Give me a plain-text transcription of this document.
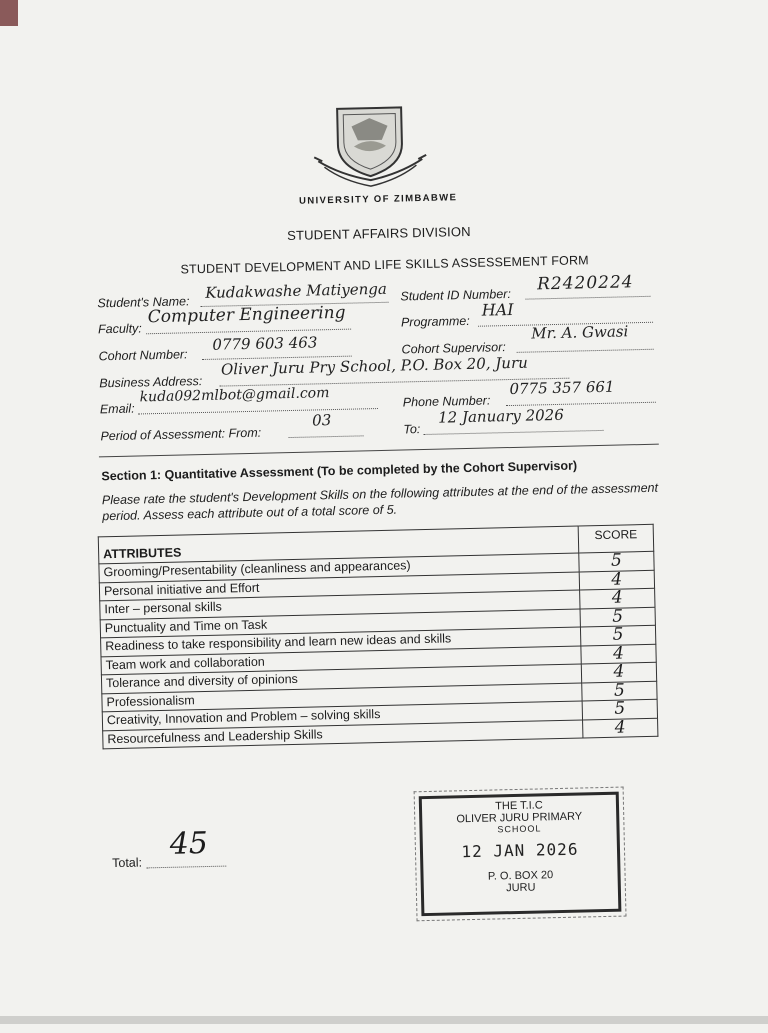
UNIVERSITY OF ZIMBABWE
STUDENT AFFAIRS DIVISION
STUDENT DEVELOPMENT AND LIFE SKILLS ASSESSEMENT FORM
Student's Name:
Kudakwashe Matiyenga
Faculty:
Computer Engineering
Cohort Number:
0779 603 463
Business Address:
Oliver Juru Pry School, P.O. Box 20, Juru
Email:
kuda092mlbot@gmail.com
Period of Assessment: From:
03
Student ID Number:
R2420224
Programme:
HAI
Cohort Supervisor:
Mr. A. Gwasi
Phone Number:
0775 357 661
To:
12 January 2026
Section 1: Quantitative Assessment (To be completed by the Cohort Supervisor)
Please rate the student's Development Skills on the following attributes at the end of the assessment period. Assess each attribute out of a total score of 5.
ATTRIBUTES	SCORE
Grooming/Presentability (cleanliness and appearances)	5
Personal initiative and Effort	4
Inter – personal skills	4
Punctuality and Time on Task	5
Readiness to take responsibility and learn new ideas and skills	5
Team work and collaboration	4
Tolerance and diversity of opinions	4
Professionalism	5
Creativity, Innovation and Problem – solving skills	5
Resourcefulness and Leadership Skills	4
Total:
45
THE T.I.C
OLIVER JURU PRIMARY
SCHOOL
12 JAN 2026
P. O. BOX 20
JURU
